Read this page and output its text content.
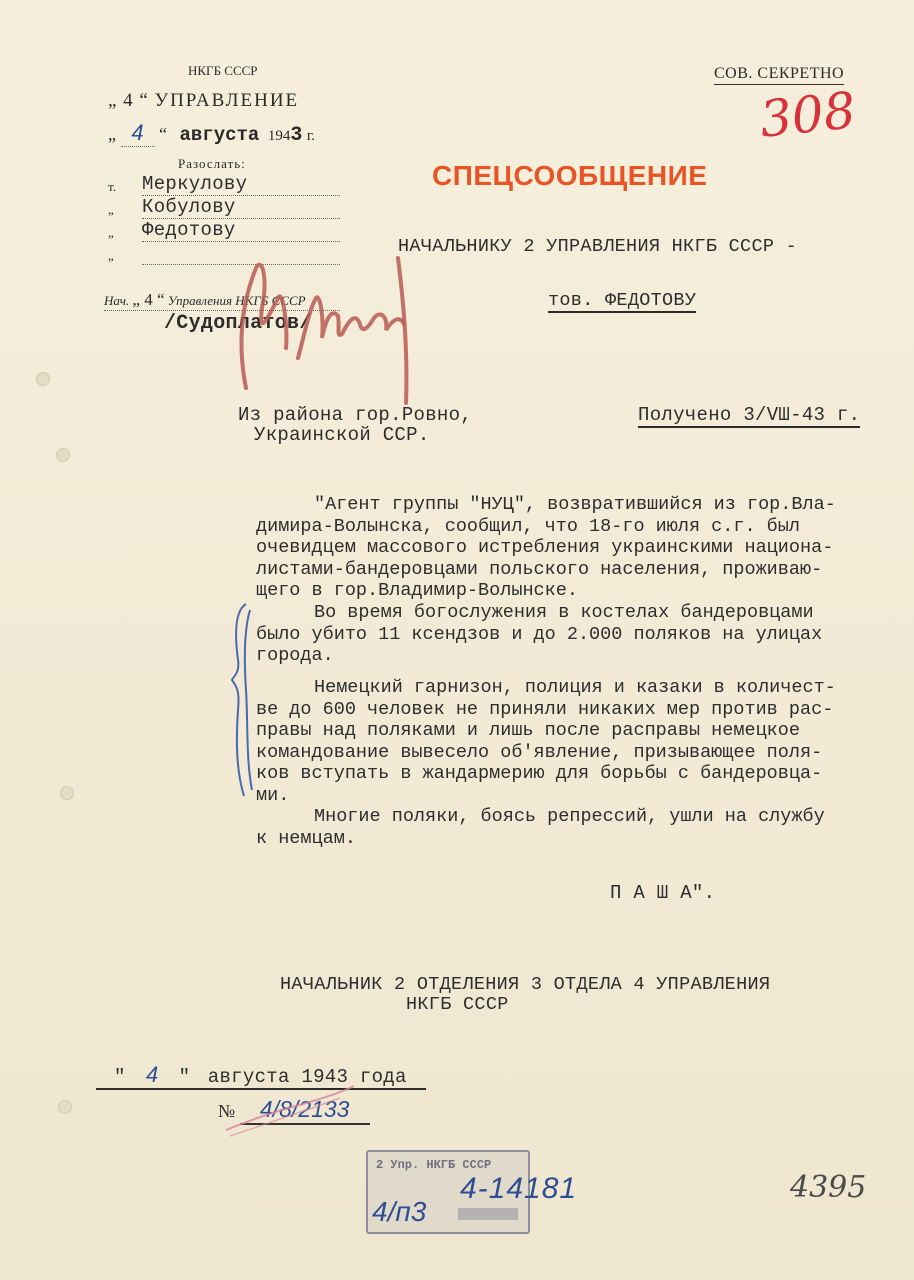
НКГБ СССР
„ 4 “ УПРАВЛЕНИЕ
„ 4 “ августа 1943 г.
Разослать:
т.	Меркулову
„	Кобулову
„	Федотову
„
Нач. „ 4 “ Управления НКГБ СССР
/Судоплатов/
СОВ. СЕКРЕТНО
308
СПЕЦСООБЩЕНИЕ
НАЧАЛЬНИКУ 2 УПРАВЛЕНИЯ НКГБ СССР -
тов. ФЕДОТОВУ
Из района гор.Ровно,
Украинской ССР.
Получено 3/VШ-43 г.
"Агент группы "НУЦ", возвратившийся из гор.Вла-
димира-Волынска, сообщил, что 18-го июля с.г. был
очевидцем массового истребления украинскими национа-
листами-бандеровцами польского населения, проживаю-
щего в гор.Владимир-Волынске.
Во время богослужения в костелах бандеровцами
было убито 11 ксендзов и до 2.000 поляков на улицах
города.
Немецкий гарнизон, полиция и казаки в количест-
ве до 600 человек не приняли никаких мер против рас-
правы над поляками и лишь после расправы немецкое
командование вывесело об'явление, призывающее поля-
ков вступать в жандармерию для борьбы с бандеровца-
ми.
Многие поляки, боясь репрессий, ушли на службу
к немцам.
П А Ш А".
НАЧАЛЬНИК 2 ОТДЕЛЕНИЯ 3 ОТДЕЛА 4 УПРАВЛЕНИЯ
НКГБ СССР
" 4 " августа 1943 года
№ 4/8/2133
2 Упр. НКГБ СССР
4-14181
4/п3
4395
